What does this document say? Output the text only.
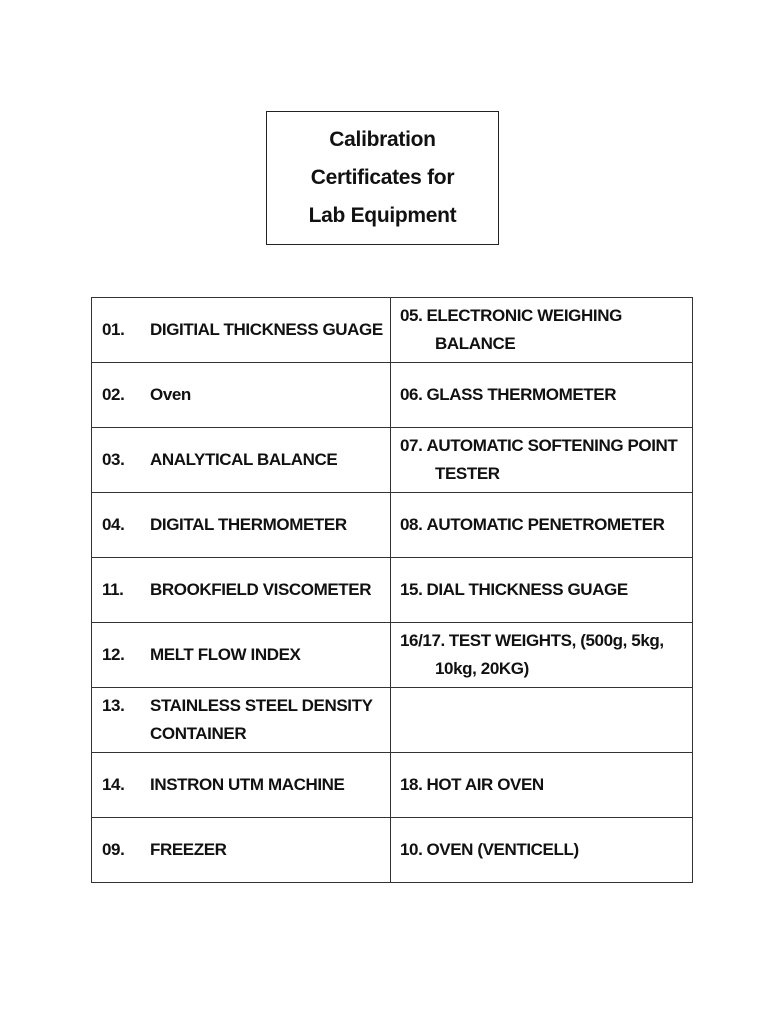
Calibration
Certificates for
Lab Equipment
01. DIGITIAL THICKNESS GUAGE	05. ELECTRONIC WEIGHING BALANCE

02. Oven	06. GLASS THERMOMETER

03. ANALYTICAL BALANCE	07. AUTOMATIC SOFTENING POINT TESTER

04. DIGITAL THERMOMETER	08. AUTOMATIC PENETROMETER

11. BROOKFIELD VISCOMETER	15. DIAL THICKNESS GUAGE

12. MELT FLOW INDEX	16/17. TEST WEIGHTS, (500g, 5kg, 10kg, 20KG)

13. STAINLESS STEEL DENSITY CONTAINER	

14. INSTRON UTM MACHINE	18. HOT AIR OVEN

09. FREEZER	10. OVEN (VENTICELL)
